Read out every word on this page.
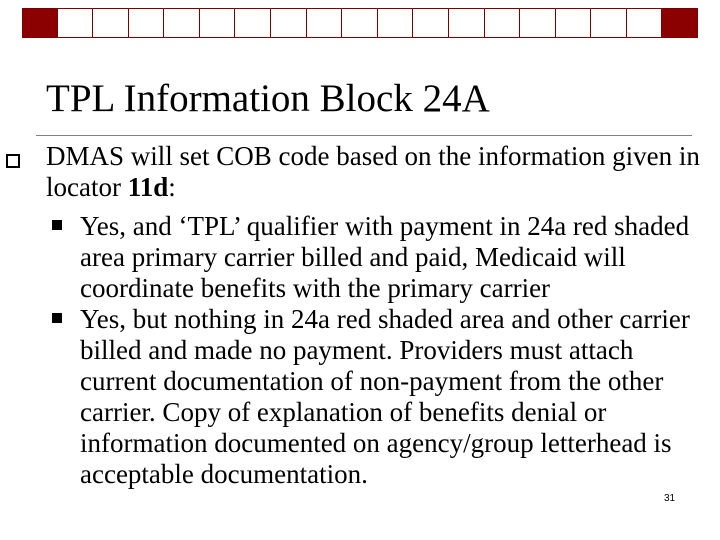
TPL Information Block 24A
DMAS will set COB code based on the information given in locator 11d:
Yes, and ‘TPL’ qualifier with payment in 24a red shaded area primary carrier billed and paid, Medicaid will coordinate benefits with the primary carrier
Yes, but nothing in 24a red shaded area and other carrier billed and made no payment. Providers must attach current documentation of non-payment from the other carrier. Copy of explanation of benefits denial or information documented on agency/group letterhead is acceptable documentation.
31
